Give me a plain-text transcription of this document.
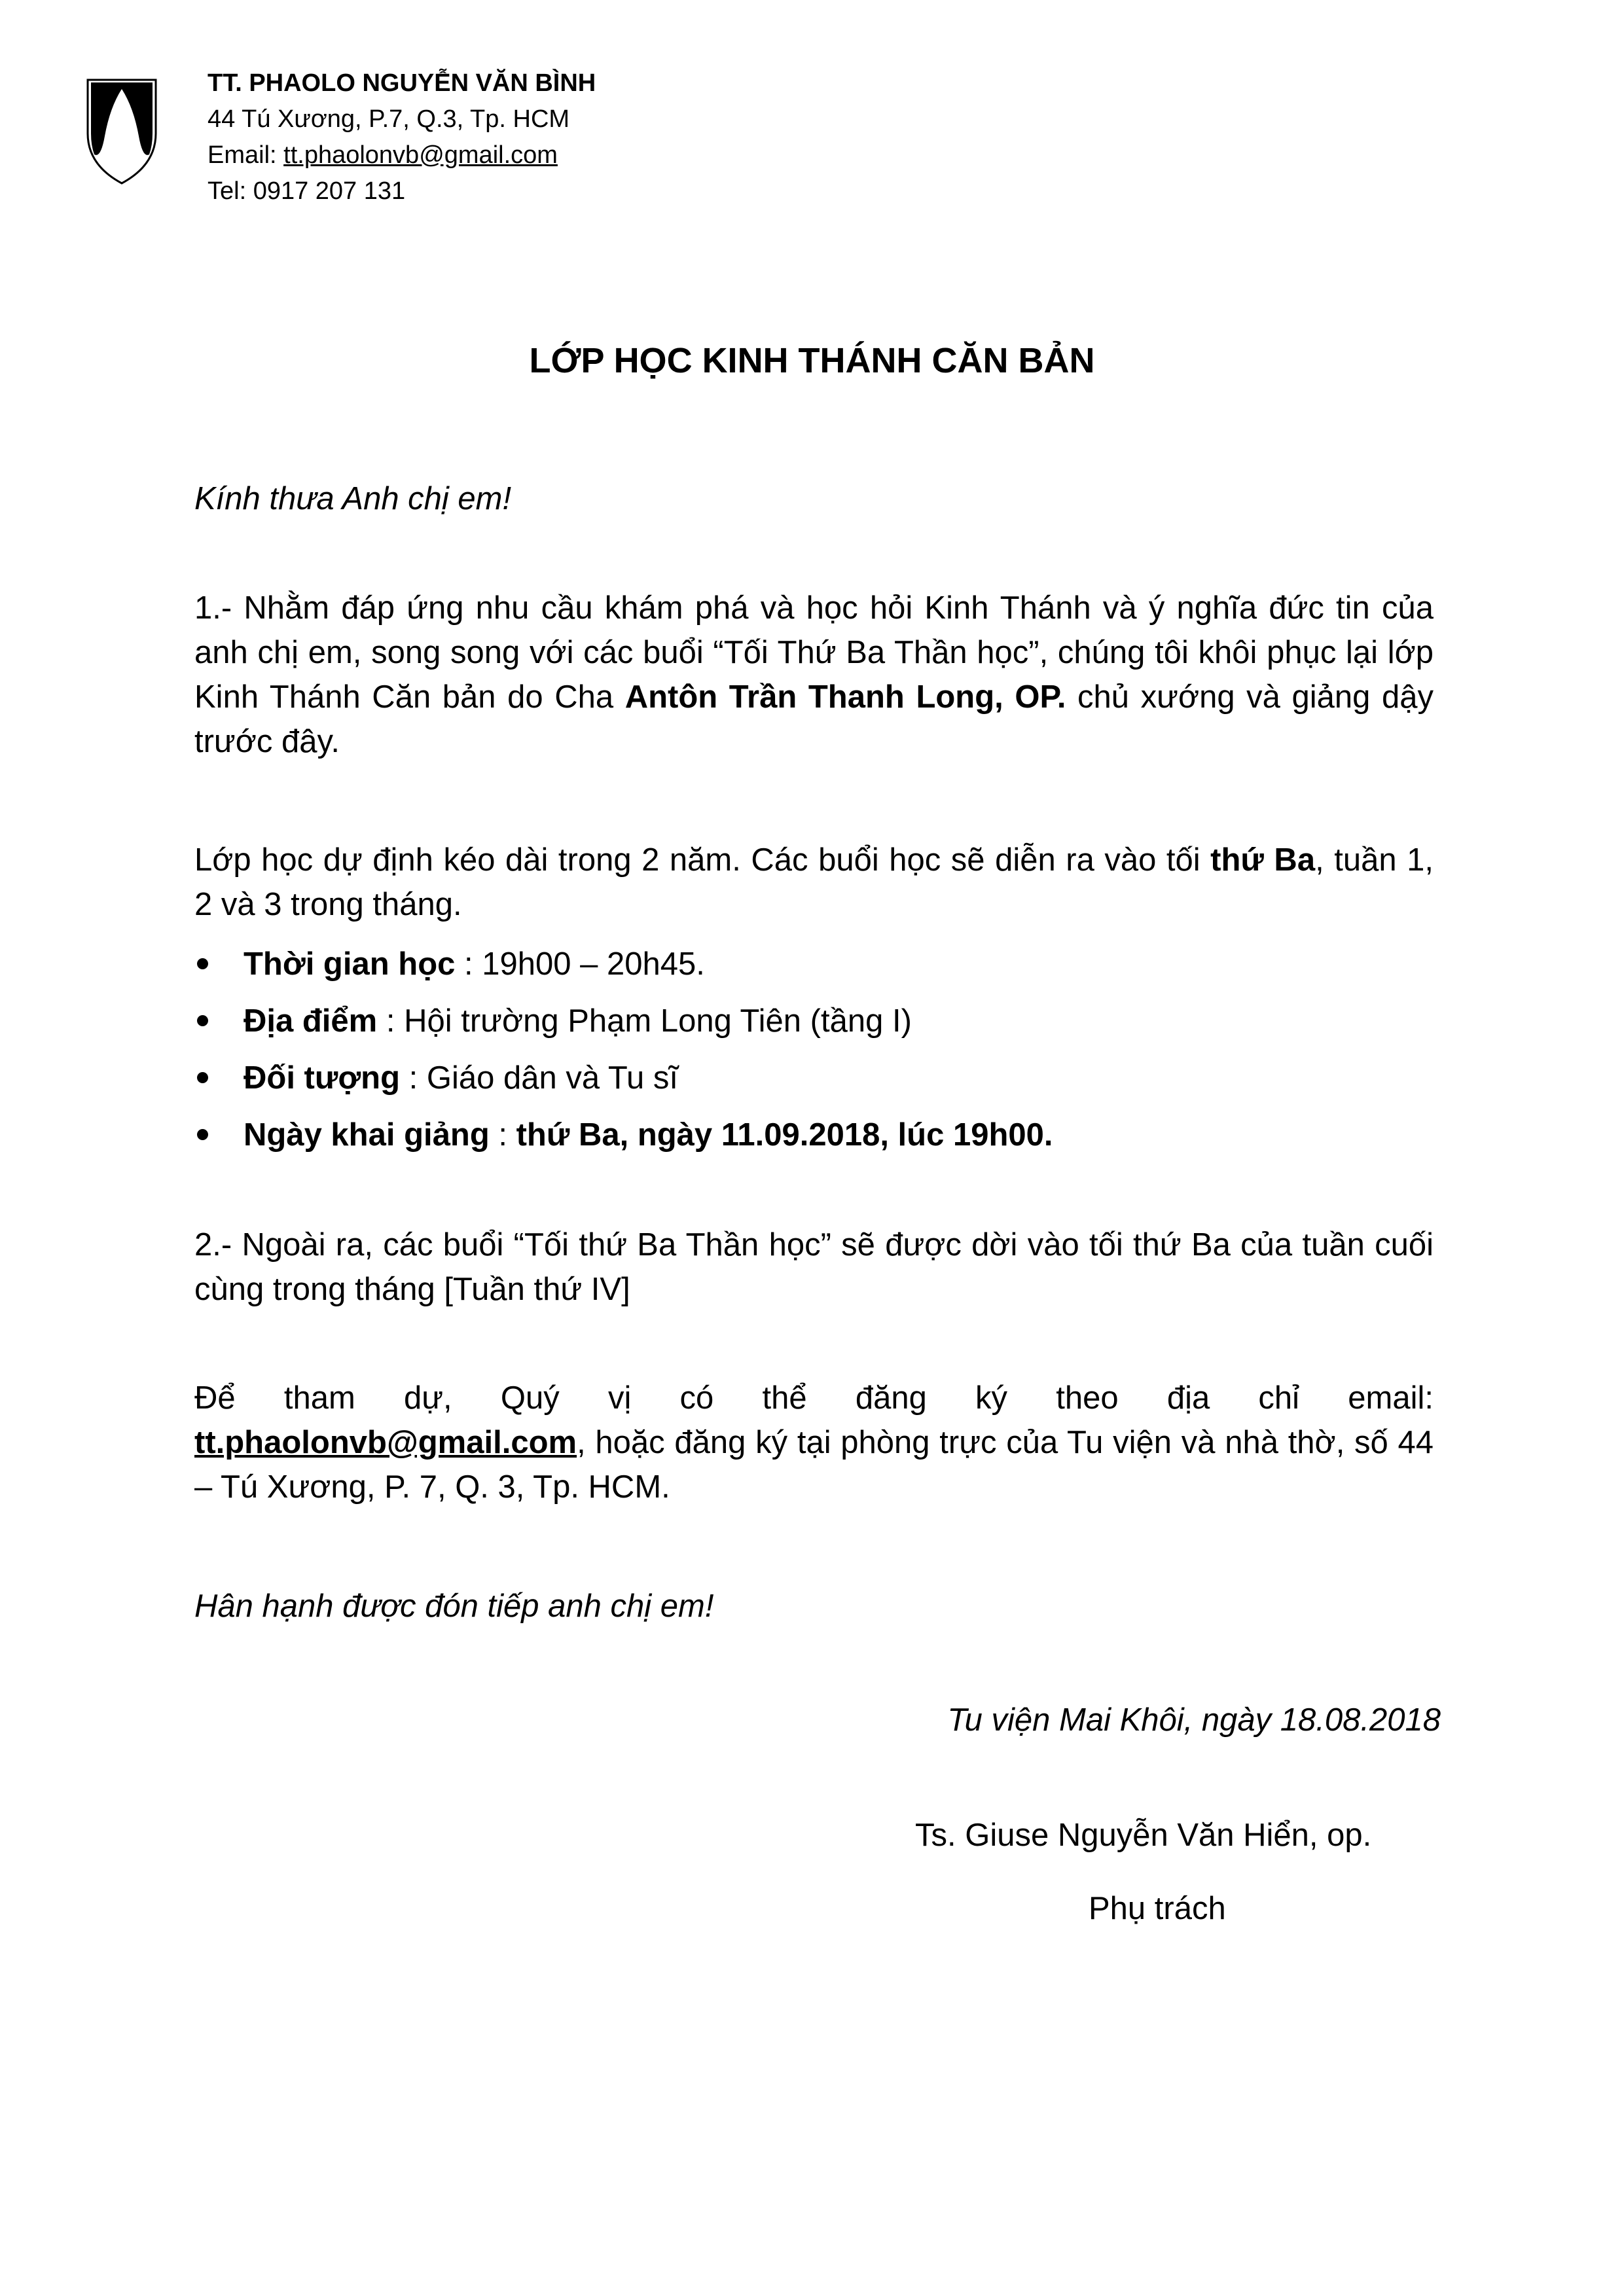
TT. PHAOLO NGUYỄN VĂN BÌNH
44 Tú Xương, P.7, Q.3, Tp. HCM
Email: tt.phaolonvb@gmail.com
Tel: 0917 207 131
LỚP HỌC KINH THÁNH CĂN BẢN
Kính thưa Anh chị em!
1.- Nhằm đáp ứng nhu cầu khám phá và học hỏi Kinh Thánh và ý nghĩa đức tin của anh chị em, song song với các buổi “Tối Thứ Ba Thần học”, chúng tôi khôi phục lại lớp Kinh Thánh Căn bản do Cha Antôn Trần Thanh Long, OP. chủ xướng và giảng dậy trước đây.
Lớp học dự định kéo dài trong 2 năm. Các buổi học sẽ diễn ra vào tối thứ Ba, tuần 1, 2 và 3 trong tháng.
Thời gian học : 19h00 – 20h45.
Địa điểm : Hội trường Phạm Long Tiên (tầng I)
Đối tượng : Giáo dân và Tu sĩ
Ngày khai giảng : thứ Ba, ngày 11.09.2018, lúc 19h00.
2.- Ngoài ra, các buổi “Tối thứ Ba Thần học” sẽ được dời vào tối thứ Ba của tuần cuối cùng trong tháng [Tuần thứ IV]
Để tham dự, Quý vị có thể đăng ký theo địa chỉ email:
tt.phaolonvb@gmail.com, hoặc đăng ký tại phòng trực của Tu viện và nhà thờ, số 44 – Tú Xương, P. 7, Q. 3, Tp. HCM.
Hân hạnh được đón tiếp anh chị em!
Tu viện Mai Khôi, ngày 18.08.2018
Ts. Giuse Nguyễn Văn Hiển, op.
Phụ trách
